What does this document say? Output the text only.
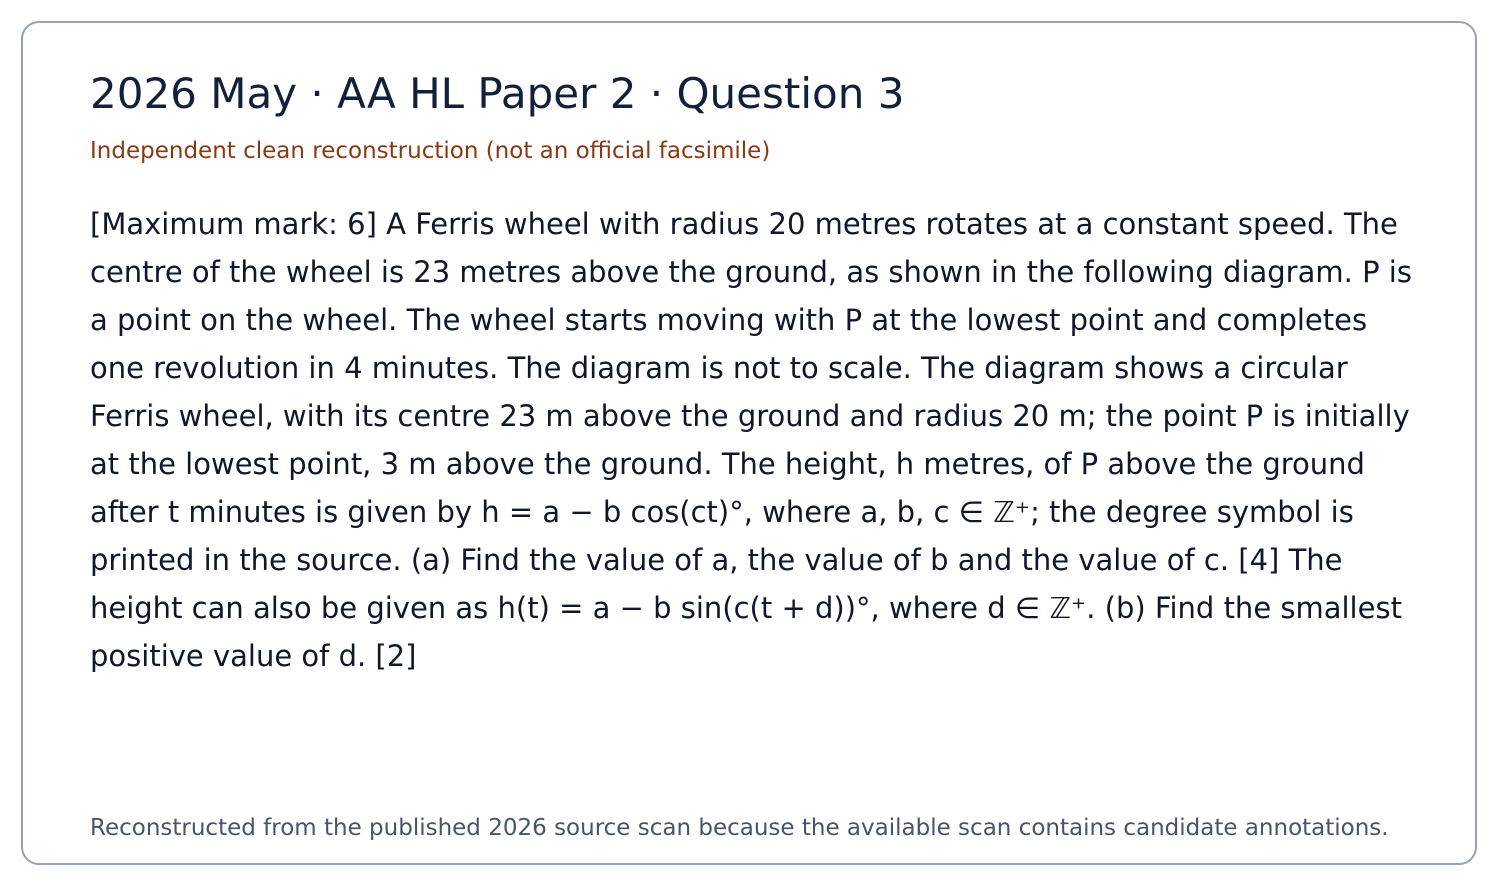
2026 May · AA HL Paper 2 · Question 3

Independent clean reconstruction (not an official facsimile)

[Maximum mark: 6] A Ferris wheel with radius 20 metres rotates at a constant speed. The centre of the wheel is 23 metres above the ground, as shown in the following diagram. P is a point on the wheel. The wheel starts moving with P at the lowest point and completes one revolution in 4 minutes. The diagram is not to scale. The diagram shows a circular Ferris wheel, with its centre 23 m above the ground and radius 20 m; the point P is initially at the lowest point, 3 m above the ground. The height, h metres, of P above the ground after t minutes is given by h = a − b cos(ct)°, where a, b, c ∈ ℤ⁺; the degree symbol is printed in the source. (a) Find the value of a, the value of b and the value of c. [4] The height can also be given as h(t) = a − b sin(c(t + d))°, where d ∈ ℤ⁺. (b) Find the smallest positive value of d. [2]

Reconstructed from the published 2026 source scan because the available scan contains candidate annotations.
